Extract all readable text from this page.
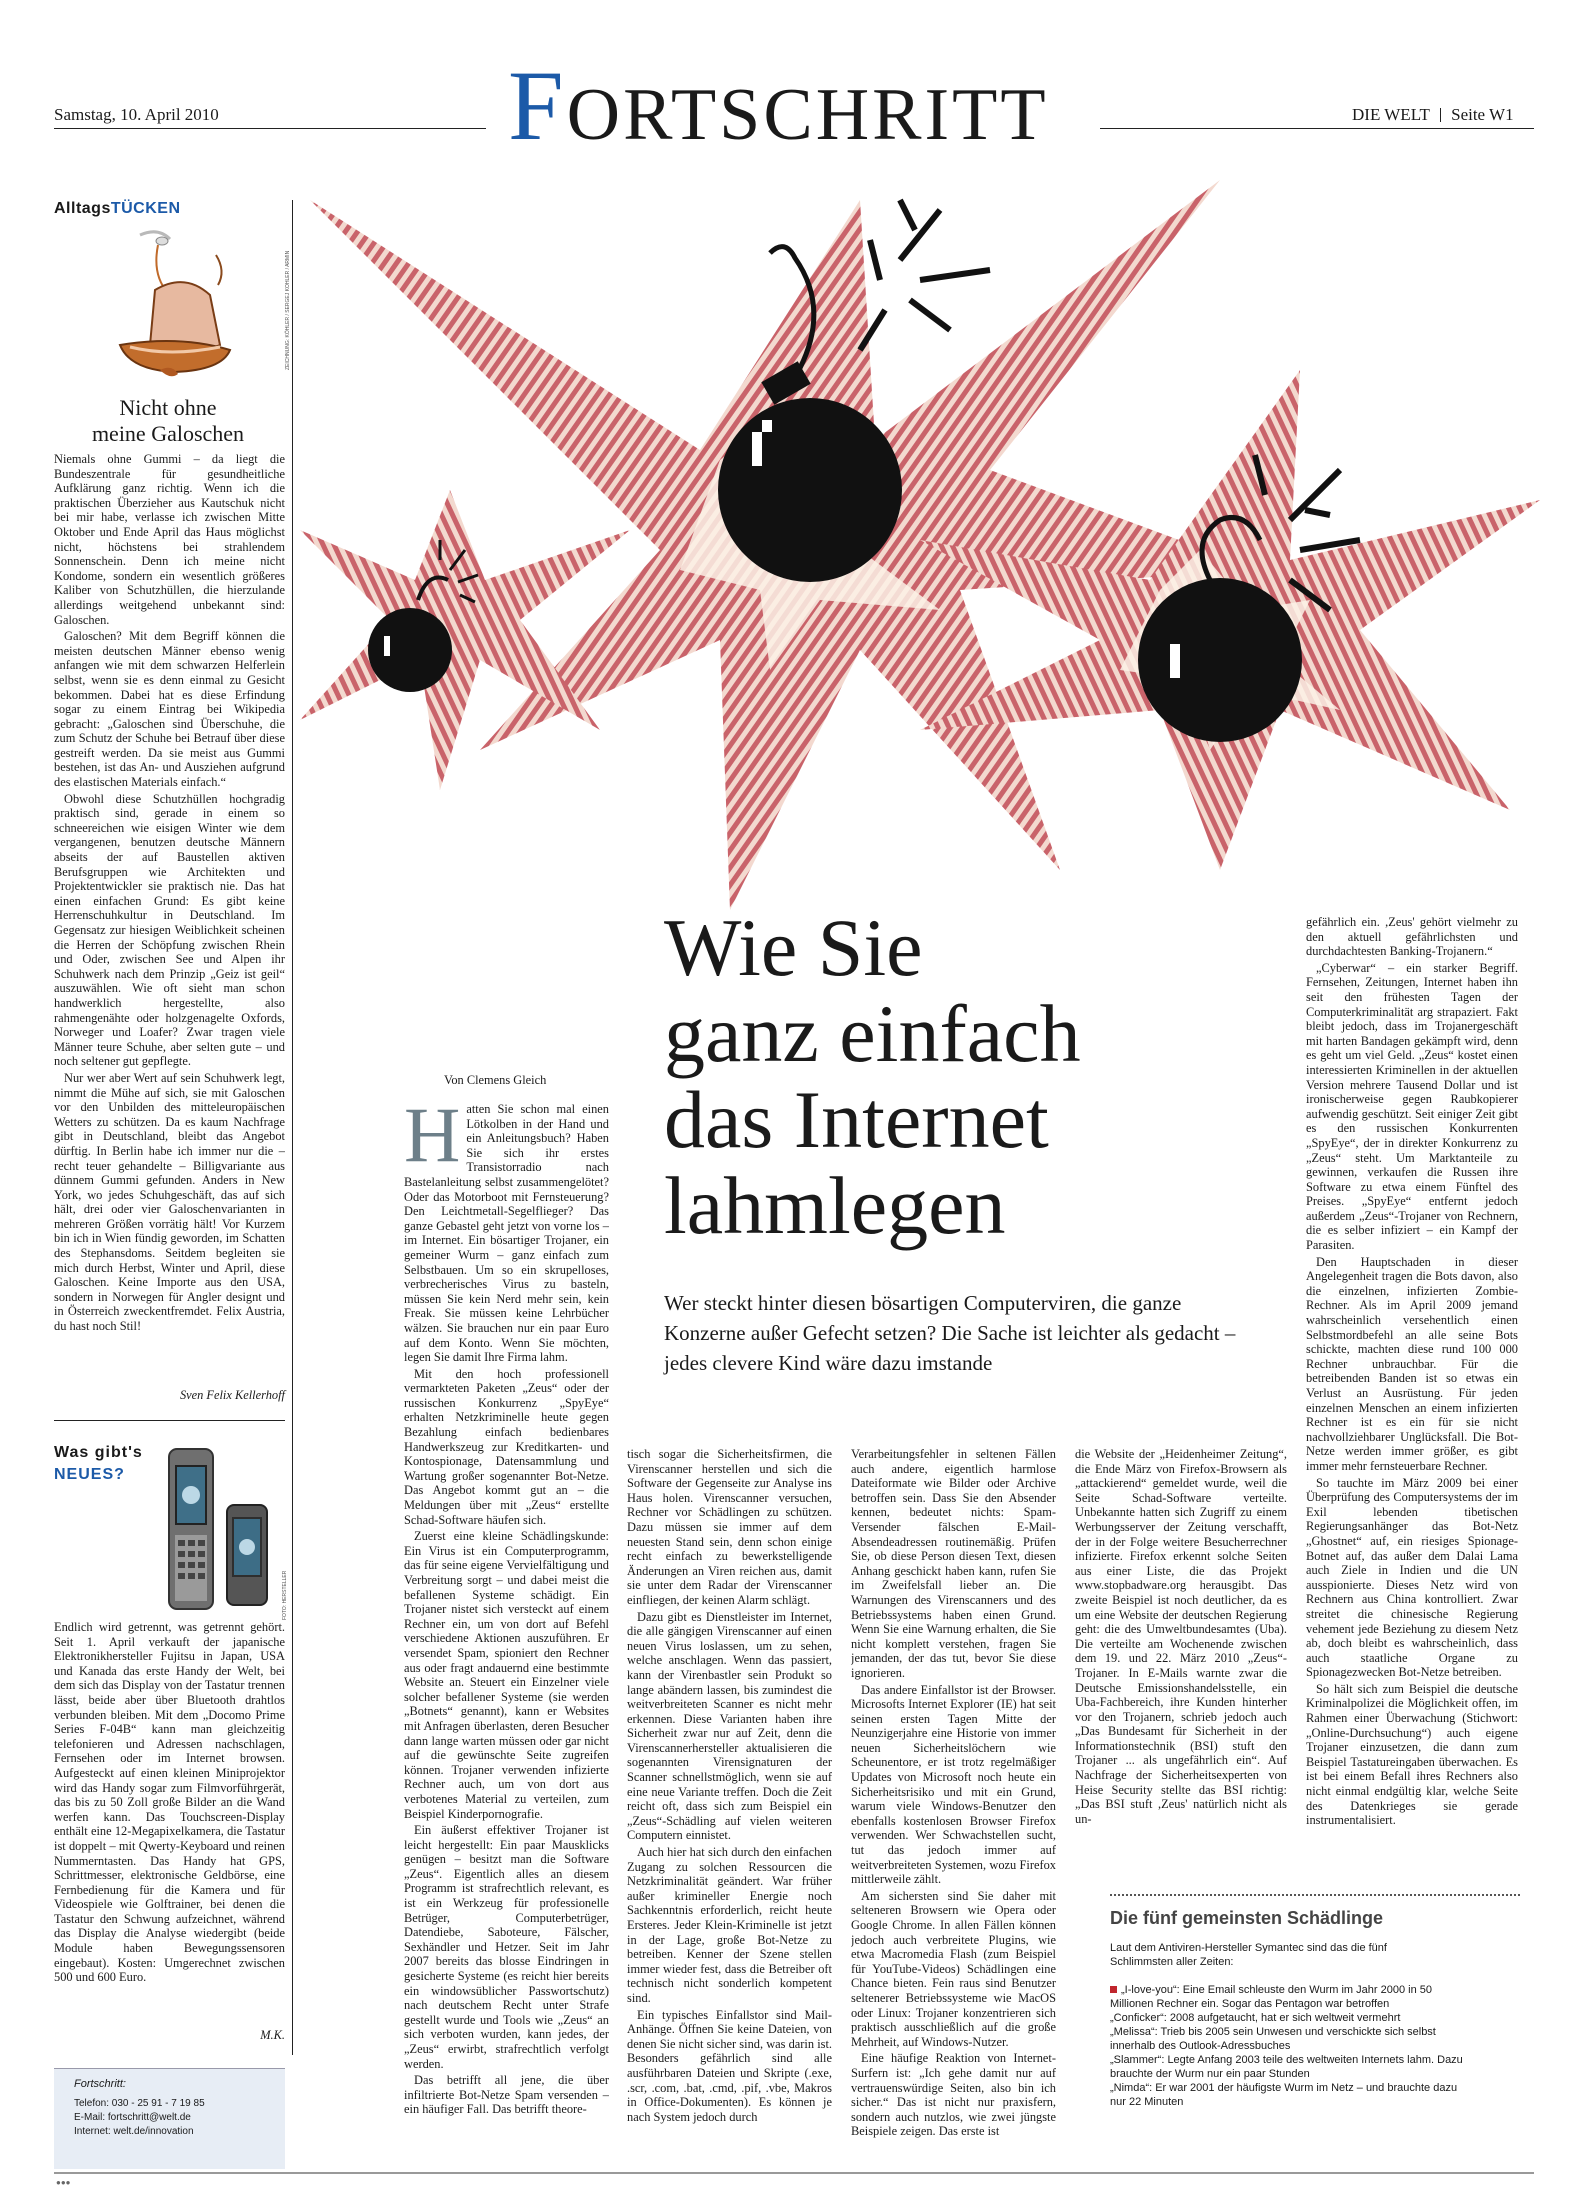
Samstag, 10. April 2010	FORTSCHRITT	DIE WELT Seite W1
AlltagsTÜCKEN
ZEICHNUNG: KÖHLER / SERGEJ KOHLER / ARMIN
Nicht ohne
meine Galoschen

Niemals ohne Gummi – da liegt die Bundeszentrale für gesundheitliche Aufklärung ganz richtig. Wenn ich die praktischen Überzieher aus Kautschuk nicht bei mir habe, verlasse ich zwischen Mitte Oktober und Ende April das Haus möglichst nicht, höchstens bei strahlendem Sonnenschein. Denn ich meine nicht Kondome, sondern ein wesentlich größeres Kaliber von Schutzhüllen, die hierzulande allerdings weitgehend unbekannt sind: Galoschen.

Galoschen? Mit dem Begriff können die meisten deutschen Männer ebenso wenig anfangen wie mit dem schwarzen Helferlein selbst, wenn sie es denn einmal zu Gesicht bekommen. Dabei hat es diese Erfindung sogar zu einem Eintrag bei Wikipedia gebracht: „Galoschen sind Überschuhe, die zum Schutz der Schuhe bei Betrauf über diese gestreift werden. Da sie meist aus Gummi bestehen, ist das An- und Ausziehen aufgrund des elastischen Materials einfach.“

Obwohl diese Schutzhüllen hochgradig praktisch sind, gerade in einem so schneereichen wie eisigen Winter wie dem vergangenen, benutzen deutsche Männern abseits der auf Baustellen aktiven Berufsgruppen wie Architekten und Projektentwickler sie praktisch nie. Das hat einen einfachen Grund: Es gibt keine Herrenschuhkultur in Deutschland. Im Gegensatz zur hiesigen Weiblichkeit scheinen die Herren der Schöpfung zwischen Rhein und Oder, zwischen See und Alpen ihr Schuhwerk nach dem Prinzip „Geiz ist geil“ auszuwählen. Wie oft sieht man schon handwerklich hergestellte, also rahmengenähte oder holzgenagelte Oxfords, Norweger und Loafer? Zwar tragen viele Männer teure Schuhe, aber selten gute – und noch seltener gut gepflegte.

Nur wer aber Wert auf sein Schuhwerk legt, nimmt die Mühe auf sich, sie mit Galoschen vor den Unbilden des mitteleuropäischen Wetters zu schützen. Da es kaum Nachfrage gibt in Deutschland, bleibt das Angebot dürftig. In Berlin habe ich immer nur die – recht teuer gehandelte – Billigvariante aus dünnem Gummi gefunden. Anders in New York, wo jedes Schuhgeschäft, das auf sich hält, drei oder vier Galoschenvarianten in mehreren Größen vorrätig hält! Vor Kurzem bin ich in Wien fündig geworden, im Schatten des Stephansdoms. Seitdem begleiten sie mich durch Herbst, Winter und April, diese Galoschen. Keine Importe aus den USA, sondern in Norwegen für Angler designt und in Österreich zweckentfremdet. Felix Austria, du hast noch Stil!

Sven Felix Kellerhoff
Was gibt's
NEUES?
FOTO: HERSTELLER

Endlich wird getrennt, was getrennt gehört. Seit 1. April verkauft der japanische Elektronikhersteller Fujitsu in Japan, USA und Kanada das erste Handy der Welt, bei dem sich das Display von der Tastatur trennen lässt, beide aber über Bluetooth drahtlos verbunden bleiben. Mit dem „Docomo Prime Series F-04B“ kann man gleichzeitig telefonieren und Adressen nachschlagen, Fernsehen oder im Internet browsen. Aufgesteckt auf einen kleinen Miniprojektor wird das Handy sogar zum Filmvorführgerät, das bis zu 50 Zoll große Bilder an die Wand werfen kann. Das Touchscreen-Display enthält eine 12-Megapixelkamera, die Tastatur ist doppelt – mit Qwerty-Keyboard und reinen Nummerntasten. Das Handy hat GPS, Schrittmesser, elektronische Geldbörse, eine Fernbedienung für die Kamera und für Videospiele wie Golftrainer, bei denen die Tastatur den Schwung aufzeichnet, während das Display die Analyse wiedergibt (beide Module haben Bewegungssensoren eingebaut). Kosten: Umgerechnet zwischen 500 und 600 Euro.

M.K.
Fortschritt:
Telefon: 030 - 25 91 - 7 19 85
E-Mail: fortschritt@welt.de
Internet: welt.de/innovation
Wie Sie
ganz einfach
das Internet
lahmlegen
Wer steckt hinter diesen bösartigen Computerviren, die ganze Konzerne außer Gefecht setzen? Die Sache ist leichter als gedacht – jedes clevere Kind wäre dazu imstande
Von Clemens Gleich
H atten Sie schon mal einen Lötkolben in der Hand und ein Anleitungsbuch? Haben Sie sich ihr erstes Transistorradio nach Bastelanleitung selbst zusammengelötet? Oder das Motorboot mit Fernsteuerung? Den Leichtmetall-Segelflieger? Das ganze Gebastel geht jetzt von vorne los – im Internet. Ein bösartiger Trojaner, ein gemeiner Wurm – ganz einfach zum Selbstbauen. Um so ein skrupelloses, verbrecherisches Virus zu basteln, müssen Sie kein Nerd mehr sein, kein Freak. Sie müssen keine Lehrbücher wälzen. Sie brauchen nur ein paar Euro auf dem Konto. Wenn Sie möchten, legen Sie damit Ihre Firma lahm.

Mit den hoch professionell vermarkteten Paketen „Zeus“ oder der russischen Konkurrenz „SpyEye“ erhalten Netzkriminelle heute gegen Bezahlung einfach bedienbares Handwerkszeug zur Kreditkarten- und Kontospionage, Datensammlung und Wartung großer sogenannter Bot-Netze. Das Angebot kommt gut an – die Meldungen über mit „Zeus“ erstellte Schad-Software häufen sich.

Zuerst eine kleine Schädlingskunde: Ein Virus ist ein Computerprogramm, das für seine eigene Vervielfältigung und Verbreitung sorgt – und dabei meist die befallenen Systeme schädigt. Ein Trojaner nistet sich versteckt auf einem Rechner ein, um von dort auf Befehl verschiedene Aktionen auszuführen. Er versendet Spam, spioniert den Rechner aus oder fragt andauernd eine bestimmte Website an. Steuert ein Einzelner viele solcher befallener Systeme (sie werden „Botnets“ genannt), kann er Websites mit Anfragen überlasten, deren Besucher dann lange warten müssen oder gar nicht auf die gewünschte Seite zugreifen können. Trojaner verwenden infizierte Rechner auch, um von dort aus verbotenes Material zu verteilen, zum Beispiel Kinderpornografie.

Ein äußerst effektiver Trojaner ist leicht hergestellt: Ein paar Mausklicks genügen – besitzt man die Software „Zeus“. Eigentlich alles an diesem Programm ist strafrechtlich relevant, es ist ein Werkzeug für professionelle Betrüger, Computerbetrüger, Datendiebe, Saboteure, Fälscher, Sexhändler und Hetzer. Seit im Jahr 2007 bereits das blosse Eindringen in gesicherte Systeme (es reicht hier bereits ein windowsüblicher Passwortschutz) nach deutschem Recht unter Strafe gestellt wurde und Tools wie „Zeus“ an sich verboten wurden, kann jedes, der „Zeus“ erwirbt, strafrechtlich verfolgt werden.

Das betrifft all jene, die über infiltrierte Bot-Netze Spam versenden – ein häufiger Fall. Das betrifft theore-

tisch sogar die Sicherheitsfirmen, die Virenscanner herstellen und sich die Software der Gegenseite zur Analyse ins Haus holen. Virenscanner versuchen, Rechner vor Schädlingen zu schützen. Dazu müssen sie immer auf dem neuesten Stand sein, denn schon einige recht einfach zu bewerkstelligende Änderungen an Viren reichen aus, damit sie unter dem Radar der Virenscanner einfliegen, der keinen Alarm schlägt.

Dazu gibt es Dienstleister im Internet, die alle gängigen Virenscanner auf einen neuen Virus loslassen, um zu sehen, welche anschlagen. Wenn das passiert, kann der Virenbastler sein Produkt so lange abändern lassen, bis zumindest die weitverbreiteten Scanner es nicht mehr erkennen. Diese Varianten haben ihre Sicherheit zwar nur auf Zeit, denn die Virenscannerhersteller aktualisieren die sogenannten Virensignaturen der Scanner schnellstmöglich, wenn sie auf eine neue Variante treffen. Doch die Zeit reicht oft, dass sich zum Beispiel ein „Zeus“-Schädling auf vielen weiteren Computern einnistet.

Auch hier hat sich durch den einfachen Zugang zu solchen Ressourcen die Netzkriminalität geändert. War früher außer krimineller Energie noch Sachkenntnis erforderlich, reicht heute Ersteres. Jeder Klein-Kriminelle ist jetzt in der Lage, große Bot-Netze zu betreiben. Kenner der Szene stellen immer wieder fest, dass die Betreiber oft technisch nicht sonderlich kompetent sind.

Ein typisches Einfallstor sind Mail-Anhänge. Öffnen Sie keine Dateien, von denen Sie nicht sicher sind, was darin ist. Besonders gefährlich sind alle ausführbaren Dateien und Skripte (.exe, .scr, .com, .bat, .cmd, .pif, .vbe, Makros in Office-Dokumenten). Es können je nach System jedoch durch

Verarbeitungsfehler in seltenen Fällen auch andere, eigentlich harmlose Dateiformate wie Bilder oder Archive betroffen sein. Dass Sie den Absender kennen, bedeutet nichts: Spam-Versender fälschen E-Mail-Absendeadressen routinemäßig. Prüfen Sie, ob diese Person diesen Text, diesen Anhang geschickt haben kann, rufen Sie im Zweifelsfall lieber an. Die Warnungen des Virenscanners und des Betriebssystems haben einen Grund. Wenn Sie eine Warnung erhalten, die Sie nicht komplett verstehen, fragen Sie jemanden, der das tut, bevor Sie diese ignorieren.

Das andere Einfallstor ist der Browser. Microsofts Internet Explorer (IE) hat seit seinen ersten Tagen Mitte der Neunzigerjahre eine Historie von immer neuen Sicherheitslöchern wie Scheunentore, er ist trotz regelmäßiger Updates von Microsoft noch heute ein Sicherheitsrisiko und mit ein Grund, warum viele Windows-Benutzer den ebenfalls kostenlosen Browser Firefox verwenden. Wer Schwachstellen sucht, tut das jedoch immer auf weitverbreiteten Systemen, wozu Firefox mittlerweile zählt.

Am sichersten sind Sie daher mit selteneren Browsern wie Opera oder Google Chrome. In allen Fällen können jedoch auch verbreitete Plugins, wie etwa Macromedia Flash (zum Beispiel für YouTube-Videos) Schädlingen eine Chance bieten. Fein raus sind Benutzer seltenerer Betriebssysteme wie MacOS oder Linux: Trojaner konzentrieren sich praktisch ausschließlich auf die große Mehrheit, auf Windows-Nutzer.

Eine häufige Reaktion von Internet-Surfern ist: „Ich gehe damit nur auf vertrauenswürdige Seiten, also bin ich sicher.“ Das ist nicht nur praxisfern, sondern auch nutzlos, wie zwei jüngste Beispiele zeigen. Das erste ist

die Website der „Heidenheimer Zeitung“, die Ende März von Firefox-Browsern als „attackierend“ gemeldet wurde, weil die Seite Schad-Software verteilte. Unbekannte hatten sich Zugriff zu einem Werbungsserver der Zeitung verschafft, der in der Folge weitere Besucherrechner infizierte. Firefox erkennt solche Seiten aus einer Liste, die das Projekt www.stopbadware.org herausgibt. Das zweite Beispiel ist noch deutlicher, da es um eine Website der deutschen Regierung geht: die des Umweltbundesamtes (Uba). Die verteilte am Wochenende zwischen dem 19. und 22. März 2010 „Zeus“-Trojaner. In E-Mails warnte zwar die Deutsche Emissionshandelsstelle, ein Uba-Fachbereich, ihre Kunden hinterher vor den Trojanern, schrieb jedoch auch „Das Bundesamt für Sicherheit in der Informationstechnik (BSI) stuft den Trojaner ... als ungefährlich ein“. Auf Nachfrage der Sicherheitsexperten von Heise Security stellte das BSI richtig: „Das BSI stuft ,Zeus' natürlich nicht als un-

gefährlich ein. ,Zeus' gehört vielmehr zu den aktuell gefährlichsten und durchdachtesten Banking-Trojanern.“

„Cyberwar“ – ein starker Begriff. Fernsehen, Zeitungen, Internet haben ihn seit den frühesten Tagen der Computerkriminalität arg strapaziert. Fakt bleibt jedoch, dass im Trojanergeschäft mit harten Bandagen gekämpft wird, denn es geht um viel Geld. „Zeus“ kostet einen interessierten Kriminellen in der aktuellen Version mehrere Tausend Dollar und ist ironischerweise gegen Raubkopierer aufwendig geschützt. Seit einiger Zeit gibt es den russischen Konkurrenten „SpyEye“, der in direkter Konkurrenz zu „Zeus“ steht. Um Marktanteile zu gewinnen, verkaufen die Russen ihre Software zu etwa einem Fünftel des Preises. „SpyEye“ entfernt jedoch außerdem „Zeus“-Trojaner von Rechnern, die es selber infiziert – ein Kampf der Parasiten.

Den Hauptschaden in dieser Angelegenheit tragen die Bots davon, also die einzelnen, infizierten Zombie-Rechner. Als im April 2009 jemand wahrscheinlich versehentlich einen Selbstmordbefehl an alle seine Bots schickte, machten diese rund 100 000 Rechner unbrauchbar. Für die betreibenden Banden ist so etwas ein Verlust an Ausrüstung. Für jeden einzelnen Menschen an einem infizierten Rechner ist es ein für sie nicht nachvollziehbarer Unglücksfall. Die Bot-Netze werden immer größer, es gibt immer mehr fernsteuerbare Rechner.

So tauchte im März 2009 bei einer Überprüfung des Computersystems der im Exil lebenden tibetischen Regierungsanhänger das Bot-Netz „Ghostnet“ auf, ein riesiges Spionage-Botnet auf, das außer dem Dalai Lama auch Ziele in Indien und die UN ausspionierte. Dieses Netz wird von Rechnern aus China kontrolliert. Zwar streitet die chinesische Regierung vehement jede Beziehung zu diesem Netz ab, doch bleibt es wahrscheinlich, dass auch staatliche Organe zu Spionagezwecken Bot-Netze betreiben.

So hält sich zum Beispiel die deutsche Kriminalpolizei die Möglichkeit offen, im Rahmen einer Überwachung (Stichwort: „Online-Durchsuchung“) auch eigene Trojaner einzusetzen, die dann zum Beispiel Tastatureingaben überwachen. Es ist bei einem Befall ihres Rechners also nicht einmal endgültig klar, welche Seite des Datenkrieges sie gerade instrumentalisiert.

Die fünf gemeinsten Schädlinge
Laut dem Antiviren-Hersteller Symantec sind das die fünf Schlimmsten aller Zeiten:
„I-love-you“: Eine Email schleuste den Wurm im Jahr 2000 in 50 Millionen Rechner ein. Sogar das Pentagon war betroffen
„Conficker“: 2008 aufgetaucht, hat er sich weltweit vermehrt
„Melissa“: Trieb bis 2005 sein Unwesen und verschickte sich selbst innerhalb des Outlook-Adressbuches
„Slammer“: Legte Anfang 2003 teile des weltweiten Internets lahm. Dazu brauchte der Wurm nur ein paar Stunden
„Nimda“: Er war 2001 der häufigste Wurm im Netz – und brauchte dazu nur 22 Minuten
●●●
